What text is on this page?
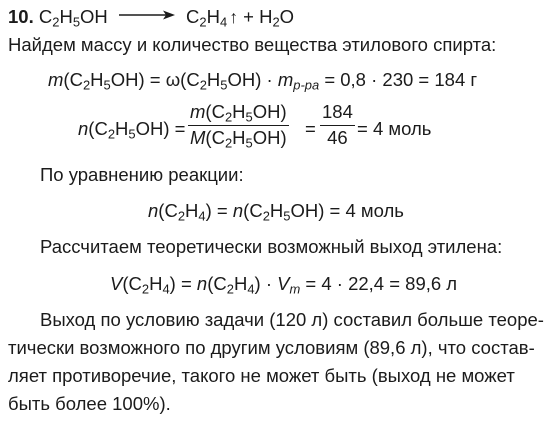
10. $C_2H_5OH \to C_2H_4$ ↑ + $H_2O$
Найдем массу и количество вещества этилового спирта:
$m(C_2H_5OH) = \omega(C_2H_5OH) \cdot m_{р-ра} = 0,8 \cdot 230 = 184$ г
$n(C_2H_5OH) = \frac{m(C_2H_5OH)}{M(C_2H_5OH)} = \frac{184}{46} = 4$ моль
По уравнению реакции:
$n(C_2H_4) = n(C_2H_5OH) = 4$ моль
Рассчитаем теоретически возможный выход этилена:
$V(C_2H_4) = n(C_2H_4) \cdot V_m = 4 \cdot 22,4 = 89,6$ л
Выход по условию задачи (120 л) составил больше теоре-
тически возможного по другим условиям (89,6 л), что состав-
ляет противоречие, такого не может быть (выход не может
быть более 100%).
